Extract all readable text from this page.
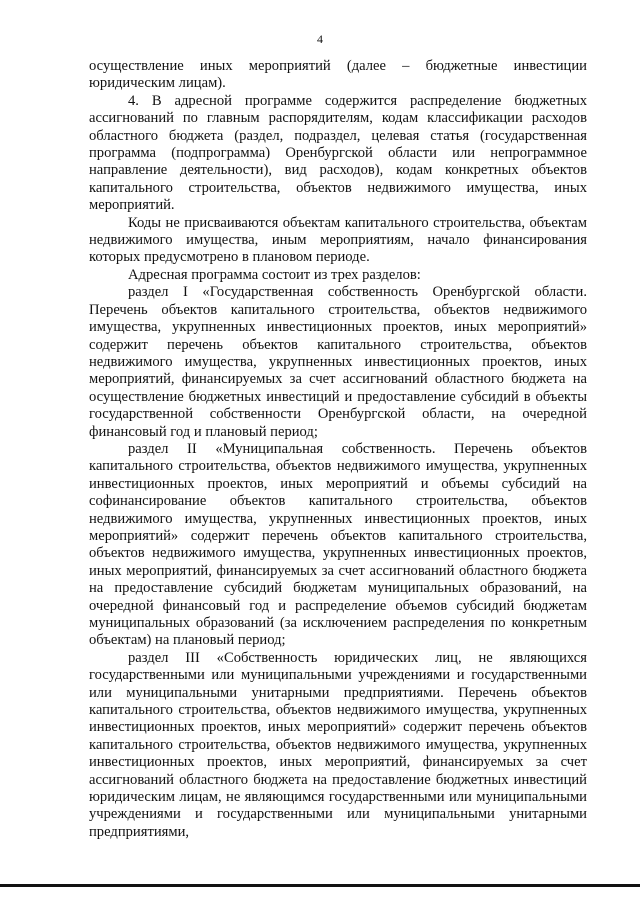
4

осуществление иных мероприятий (далее – бюджетные инвестиции юридическим лицам).

4. В адресной программе содержится распределение бюджетных ассигнований по главным распорядителям, кодам классификации расходов областного бюджета (раздел, подраздел, целевая статья (государственная программа (подпрограмма) Оренбургской области или непрограммное направление деятельности), вид расходов), кодам конкретных объектов капитального строительства, объектов недвижимого имущества, иных мероприятий.

Коды не присваиваются объектам капитального строительства, объектам недвижимого имущества, иным мероприятиям, начало финансирования которых предусмотрено в плановом периоде.

Адресная программа состоит из трех разделов:

раздел I «Государственная собственность Оренбургской области. Перечень объектов капитального строительства, объектов недвижимого имущества, укрупненных инвестиционных проектов, иных мероприятий» содержит перечень объектов капитального строительства, объектов недвижимого имущества, укрупненных инвестиционных проектов, иных мероприятий, финансируемых за счет ассигнований областного бюджета на осуществление бюджетных инвестиций и предоставление субсидий в объекты государственной собственности Оренбургской области, на очередной финансовый год и плановый период;

раздел II «Муниципальная собственность. Перечень объектов капитального строительства, объектов недвижимого имущества, укрупненных инвестиционных проектов, иных мероприятий и объемы субсидий на софинансирование объектов капитального строительства, объектов недвижимого имущества, укрупненных инвестиционных проектов, иных мероприятий» содержит перечень объектов капитального строительства, объектов недвижимого имущества, укрупненных инвестиционных проектов, иных мероприятий, финансируемых за счет ассигнований областного бюджета на предоставление субсидий бюджетам муниципальных образований, на очередной финансовый год и распределение объемов субсидий бюджетам муниципальных образований (за исключением распределения по конкретным объектам) на плановый период;

раздел III «Собственность юридических лиц, не являющихся государственными или муниципальными учреждениями и государственными или муниципальными унитарными предприятиями. Перечень объектов капитального строительства, объектов недвижимого имущества, укрупненных инвестиционных проектов, иных мероприятий» содержит перечень объектов капитального строительства, объектов недвижимого имущества, укрупненных инвестиционных проектов, иных мероприятий, финансируемых за счет ассигнований областного бюджета на предоставление бюджетных инвестиций юридическим лицам, не являющимся государственными или муниципальными учреждениями и государственными или муниципальными унитарными предприятиями,
